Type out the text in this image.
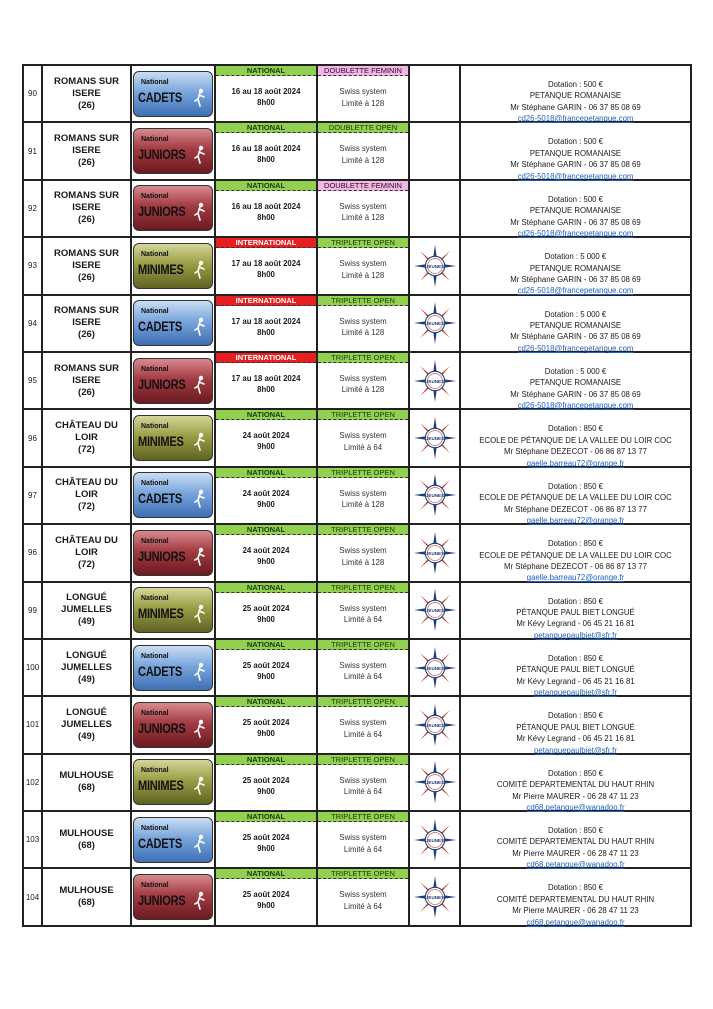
90
ROMANS SUR
ISERE
(26)
National
CADETS
NATIONAL
16 au 18 août 2024
8h00
DOUBLETTE FEMININ
Swiss system
Limité à 128
Dotation : 500 €
PETANQUE ROMANAISE
Mr Stéphane GARIN - 06 37 85 08 69
cd26-5018@francepetanque.com
91
ROMANS SUR
ISERE
(26)
National
JUNIORS
NATIONAL
16 au 18 août 2024
8h00
DOUBLETTE OPEN
Swiss system
Limité à 128
Dotation : 500 €
PETANQUE ROMANAISE
Mr Stéphane GARIN - 06 37 85 08 69
cd26-5018@francepetanque.com
92
ROMANS SUR
ISERE
(26)
National
JUNIORS
NATIONAL
16 au 18 août 2024
8h00
DOUBLETTE FEMININ
Swiss system
Limité à 128
Dotation : 500 €
PETANQUE ROMANAISE
Mr Stéphane GARIN - 06 37 85 08 69
cd26-5018@francepetanque.com
93
ROMANS SUR
ISERE
(26)
National
MINIMES
INTERNATIONAL
17 au 18 août 2024
8h00
TRIPLETTE OPEN
Swiss system
Limité à 128
JEUNES
Dotation : 5 000 €
PETANQUE ROMANAISE
Mr Stéphane GARIN - 06 37 85 08 69
cd26-5018@francepetanque.com
94
ROMANS SUR
ISERE
(26)
National
CADETS
INTERNATIONAL
17 au 18 août 2024
8h00
TRIPLETTE OPEN
Swiss system
Limité à 128
JEUNES
Dotation : 5 000 €
PETANQUE ROMANAISE
Mr Stéphane GARIN - 06 37 85 08 69
cd26-5018@francepetanque.com
95
ROMANS SUR
ISERE
(26)
National
JUNIORS
INTERNATIONAL
17 au 18 août 2024
8h00
TRIPLETTE OPEN
Swiss system
Limité à 128
JEUNES
Dotation : 5 000 €
PETANQUE ROMANAISE
Mr Stéphane GARIN - 06 37 85 08 69
cd26-5018@francepetanque.com
96
CHÂTEAU DU
LOIR
(72)
National
MINIMES
NATIONAL
24 août 2024
9h00
TRIPLETTE OPEN
Swiss system
Limité à 64
JEUNES
Dotation : 850 €
ECOLE DE PÉTANQUE DE LA VALLEE DU LOIR COC
Mr Stéphane DEZECOT - 06 86 87 13 77
gaelle.barreau72@orange.fr
97
CHÂTEAU DU
LOIR
(72)
National
CADETS
NATIONAL
24 août 2024
9h00
TRIPLETTE OPEN
Swiss system
Limité à 128
JEUNES
Dotation : 850 €
ECOLE DE PÉTANQUE DE LA VALLEE DU LOIR COC
Mr Stéphane DEZECOT - 06 86 87 13 77
gaelle.barreau72@orange.fr
96
CHÂTEAU DU
LOIR
(72)
National
JUNIORS
NATIONAL
24 août 2024
9h00
TRIPLETTE OPEN
Swiss system
Limité à 128
JEUNES
Dotation : 850 €
ECOLE DE PÉTANQUE DE LA VALLEE DU LOIR COC
Mr Stéphane DEZECOT - 06 86 87 13 77
gaelle.barreau72@orange.fr
99
LONGUÉ
JUMELLES
(49)
National
MINIMES
NATIONAL
25 août 2024
9h00
TRIPLETTE OPEN
Swiss system
Limité à 64
JEUNES
Dotation : 850 €
PÉTANQUE PAUL BIET LONGUÉ
Mr Kévy Legrand - 06 45 21 16 81
petanquepaulbiet@sfr.fr
100
LONGUÉ
JUMELLES
(49)
National
CADETS
NATIONAL
25 août 2024
9h00
TRIPLETTE OPEN
Swiss system
Limité à 64
JEUNES
Dotation : 850 €
PÉTANQUE PAUL BIET LONGUÉ
Mr Kévy Legrand - 06 45 21 16 81
petanquepaulbiet@sfr.fr
101
LONGUÉ
JUMELLES
(49)
National
JUNIORS
NATIONAL
25 août 2024
9h00
TRIPLETTE OPEN
Swiss system
Limité à 64
JEUNES
Dotation : 850 €
PÉTANQUE PAUL BIET LONGUÉ
Mr Kévy Legrand - 06 45 21 16 81
petanquepaulbiet@sfr.fr
102
MULHOUSE
(68)
National
MINIMES
NATIONAL
25 août 2024
9h00
TRIPLETTE OPEN
Swiss system
Limité à 64
JEUNES
Dotation : 850 €
COMITÉ DEPARTEMENTAL DU HAUT RHIN
Mr Pierre MAURER - 06 28 47 11 23
cd68.petanque@wanadoo.fr
103
MULHOUSE
(68)
National
CADETS
NATIONAL
25 août 2024
9h00
TRIPLETTE OPEN
Swiss system
Limité à 64
JEUNES
Dotation : 850 €
COMITÉ DEPARTEMENTAL DU HAUT RHIN
Mr Pierre MAURER - 06 28 47 11 23
cd68.petanque@wanadoo.fr
104
MULHOUSE
(68)
National
JUNIORS
NATIONAL
25 août 2024
9h00
TRIPLETTE OPEN
Swiss system
Limité à 64
JEUNES
Dotation : 850 €
COMITÉ DEPARTEMENTAL DU HAUT RHIN
Mr Pierre MAURER - 06 28 47 11 23
cd68.petanque@wanadoo.fr
